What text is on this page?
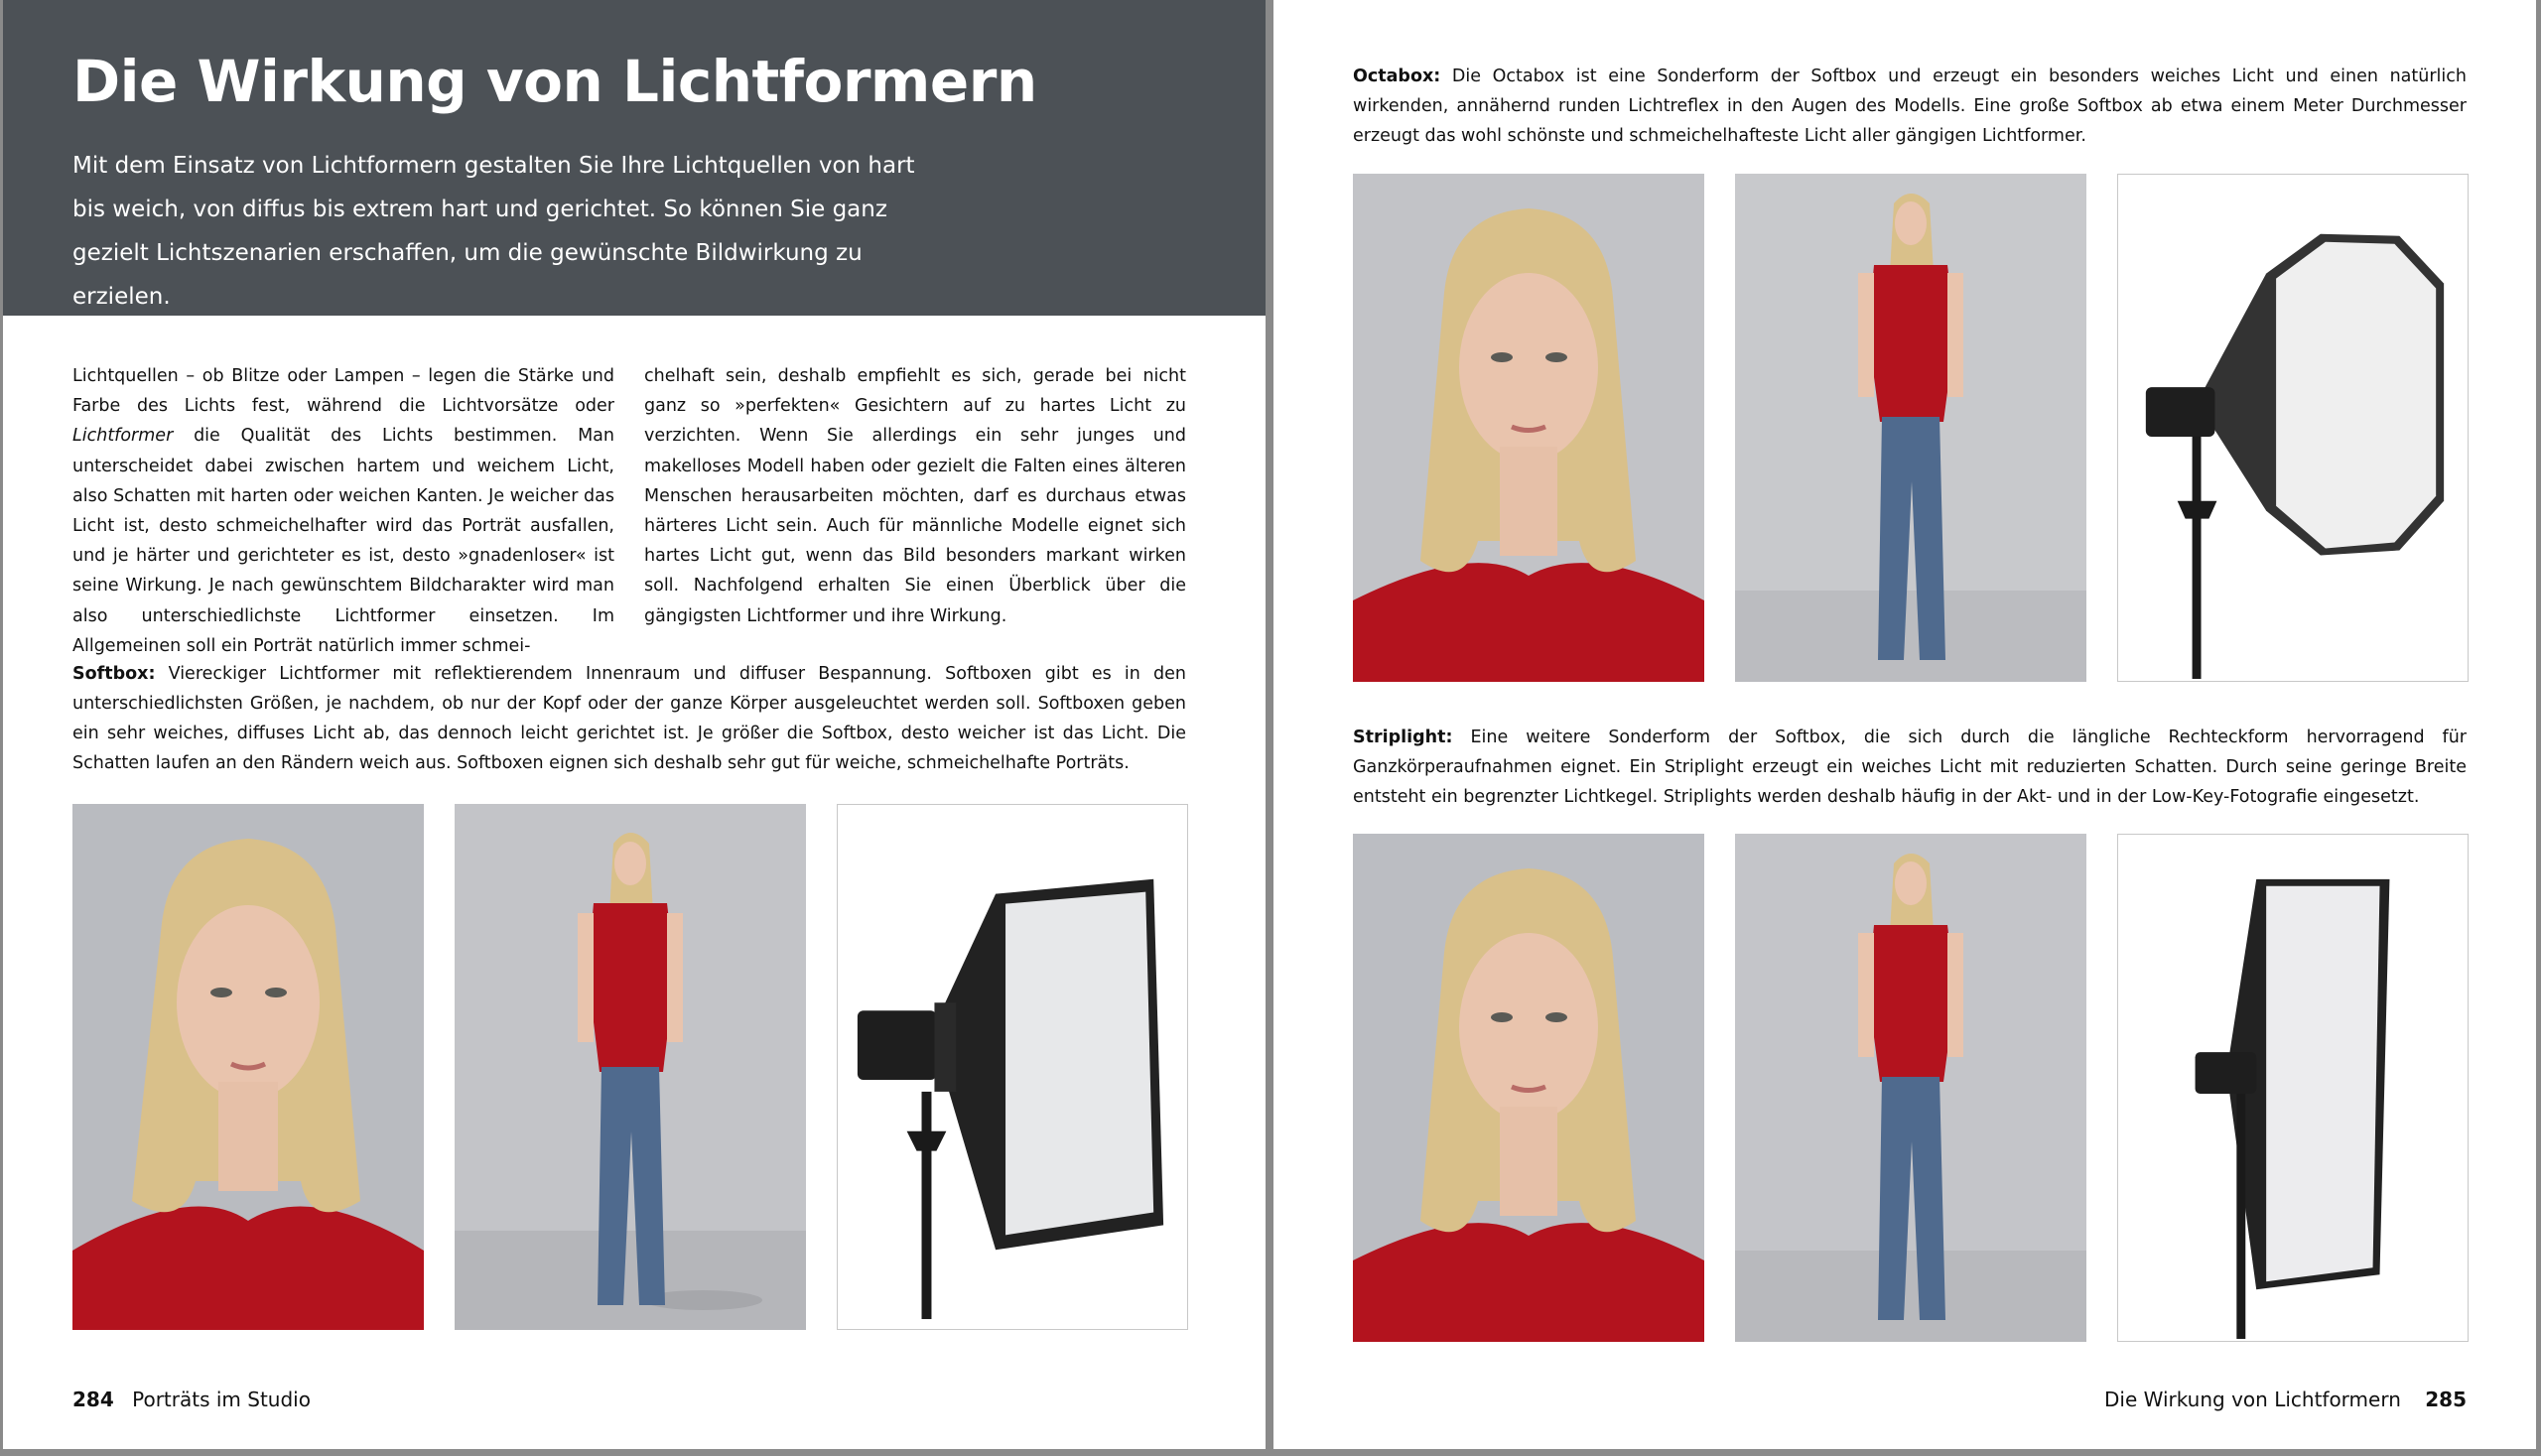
Die Wirkung von Lichtformern

Mit dem Einsatz von Lichtformern gestalten Sie Ihre Lichtquellen von hart bis weich, von diffus bis extrem hart und gerichtet. So können Sie ganz gezielt Lichtszenarien erschaffen, um die gewünschte Bildwirkung zu erzielen.

Lichtquellen – ob Blitze oder Lampen – legen die Stärke und Farbe des Lichts fest, während die Lichtvorsätze oder Lichtformer die Qualität des Lichts bestimmen. Man unterscheidet dabei zwischen hartem und weichem Licht, also Schatten mit harten oder weichen Kanten. Je weicher das Licht ist, desto schmeichelhafter wird das Porträt ausfallen, und je härter und gerichteter es ist, desto »gnadenloser« ist seine Wirkung. Je nach gewünschtem Bildcharakter wird man also unterschiedlichste Lichtformer einsetzen. Im Allgemeinen soll ein Porträt natürlich immer schmei-

chelhaft sein, deshalb empfiehlt es sich, gerade bei nicht ganz so »perfekten« Gesichtern auf zu hartes Licht zu verzichten. Wenn Sie allerdings ein sehr junges und makelloses Modell haben oder gezielt die Falten eines älteren Menschen herausarbeiten möchten, darf es durchaus etwas härteres Licht sein. Auch für männliche Modelle eignet sich hartes Licht gut, wenn das Bild besonders markant wirken soll. Nachfolgend erhalten Sie einen Überblick über die gängigsten Lichtformer und ihre Wirkung.

Softbox: Viereckiger Lichtformer mit reflektierendem Innenraum und diffuser Bespannung. Softboxen gibt es in den unterschiedlichsten Größen, je nachdem, ob nur der Kopf oder der ganze Körper ausgeleuchtet werden soll. Softboxen geben ein sehr weiches, diffuses Licht ab, das dennoch leicht gerichtet ist. Je größer die Softbox, desto weicher ist das Licht. Die Schatten laufen an den Rändern weich aus. Softboxen eignen sich deshalb sehr gut für weiche, schmeichelhafte Porträts.

284 Porträts im Studio

Octabox: Die Octabox ist eine Sonderform der Softbox und erzeugt ein besonders weiches Licht und einen natürlich wirkenden, annähernd runden Lichtreflex in den Augen des Modells. Eine große Softbox ab etwa einem Meter Durchmesser erzeugt das wohl schönste und schmeichelhafteste Licht aller gängigen Lichtformer.

Striplight: Eine weitere Sonderform der Softbox, die sich durch die längliche Rechteckform hervorragend für Ganzkörperaufnahmen eignet. Ein Striplight erzeugt ein weiches Licht mit reduzierten Schatten. Durch seine geringe Breite entsteht ein begrenzter Lichtkegel. Striplights werden deshalb häufig in der Akt- und in der Low-Key-Fotografie eingesetzt.

Die Wirkung von Lichtformern 285
